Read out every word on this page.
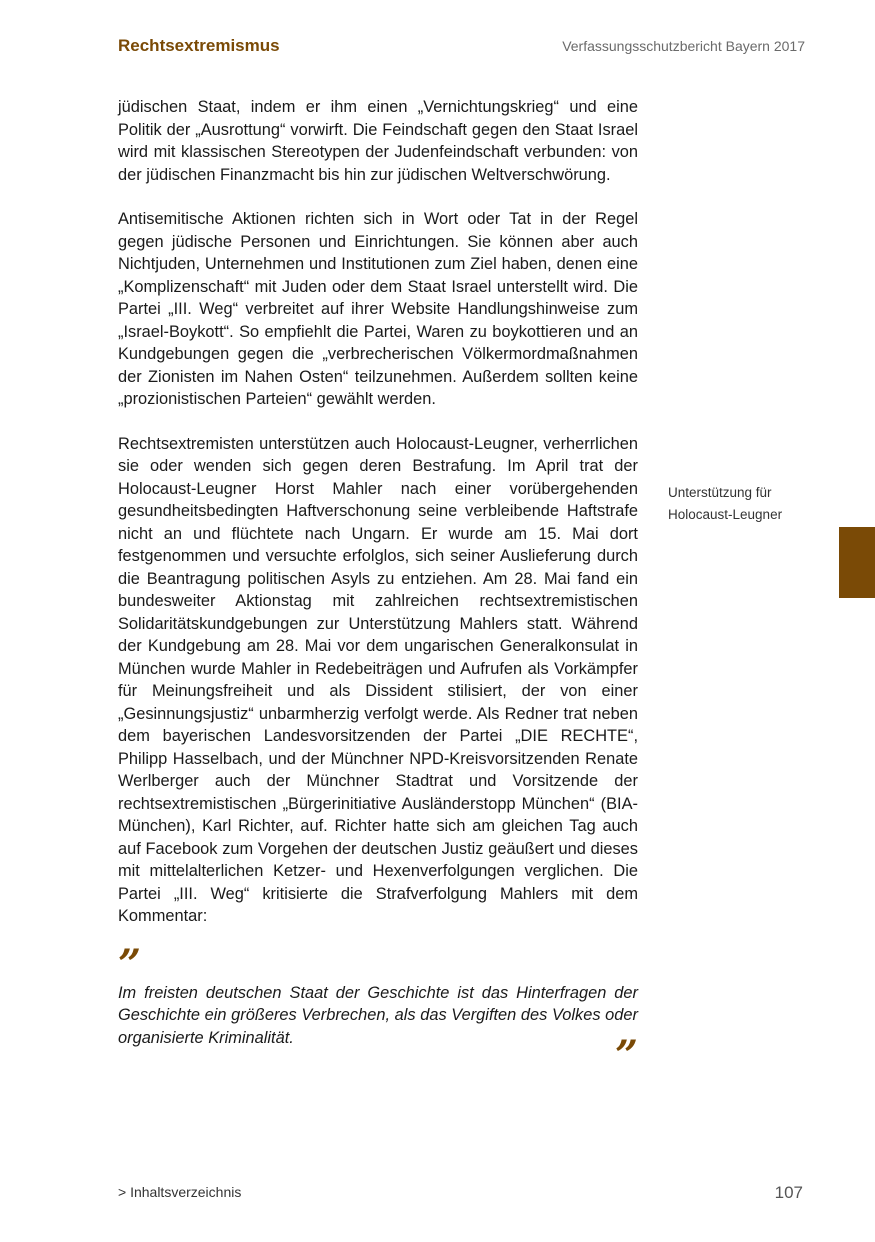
Rechtsextremismus	Verfassungsschutzbericht Bayern 2017

jüdischen Staat, indem er ihm einen „Vernichtungskrieg“ und eine Politik der „Ausrottung“ vorwirft. Die Feindschaft gegen den Staat Israel wird mit klassischen Stereotypen der Judenfeindschaft verbunden: von der jüdischen Finanzmacht bis hin zur jüdischen Weltverschwörung.

Antisemitische Aktionen richten sich in Wort oder Tat in der Regel gegen jüdische Personen und Einrichtungen. Sie können aber auch Nichtjuden, Unternehmen und Institutionen zum Ziel haben, denen eine „Komplizenschaft“ mit Juden oder dem Staat Israel unterstellt wird. Die Partei „III. Weg“ verbreitet auf ihrer Website Handlungshinweise zum „Israel-Boykott“. So empfiehlt die Partei, Waren zu boykottieren und an Kundgebungen gegen die „verbrecherischen Völkermordmaßnahmen der Zionisten im Nahen Osten“ teilzunehmen. Außerdem sollten keine „prozionistischen Parteien“ gewählt werden.

Rechtsextremisten unterstützen auch Holocaust-Leugner, verherrlichen sie oder wenden sich gegen deren Bestrafung. Im April trat der Holocaust-Leugner Horst Mahler nach einer vorübergehenden gesundheitsbedingten Haftverschonung seine verbleibende Haftstrafe nicht an und flüchtete nach Ungarn. Er wurde am 15. Mai dort festgenommen und versuchte erfolglos, sich seiner Auslieferung durch die Beantragung politischen Asyls zu entziehen. Am 28. Mai fand ein bundesweiter Aktionstag mit zahlreichen rechtsextremistischen Solidaritätskundgebungen zur Unterstützung Mahlers statt. Während der Kundgebung am 28. Mai vor dem ungarischen Generalkonsulat in München wurde Mahler in Redebeiträgen und Aufrufen als Vorkämpfer für Meinungsfreiheit und als Dissident stilisiert, der von einer „Gesinnungsjustiz“ unbarmherzig verfolgt werde. Als Redner trat neben dem bayerischen Landesvorsitzenden der Partei „DIE RECHTE“, Philipp Hasselbach, und der Münchner NPD-Kreisvorsitzenden Renate Werlberger auch der Münchner Stadtrat und Vorsitzende der rechtsextremistischen „Bürgerinitiative Ausländerstopp München“ (BIA-München), Karl Richter, auf. Richter hatte sich am gleichen Tag auch auf Facebook zum Vorgehen der deutschen Justiz geäußert und dieses mit mittelalterlichen Ketzer- und Hexenverfolgungen verglichen. Die Partei „III. Weg“ kritisierte die Strafverfolgung Mahlers mit dem Kommentar:

”

Im freisten deutschen Staat der Geschichte ist das Hinterfragen der Geschichte ein größeres Verbrechen, als das Vergiften des Volkes oder organisierte Kriminalität.	”

Unterstützung für Holocaust-Leugner

> Inhaltsverzeichnis	107
